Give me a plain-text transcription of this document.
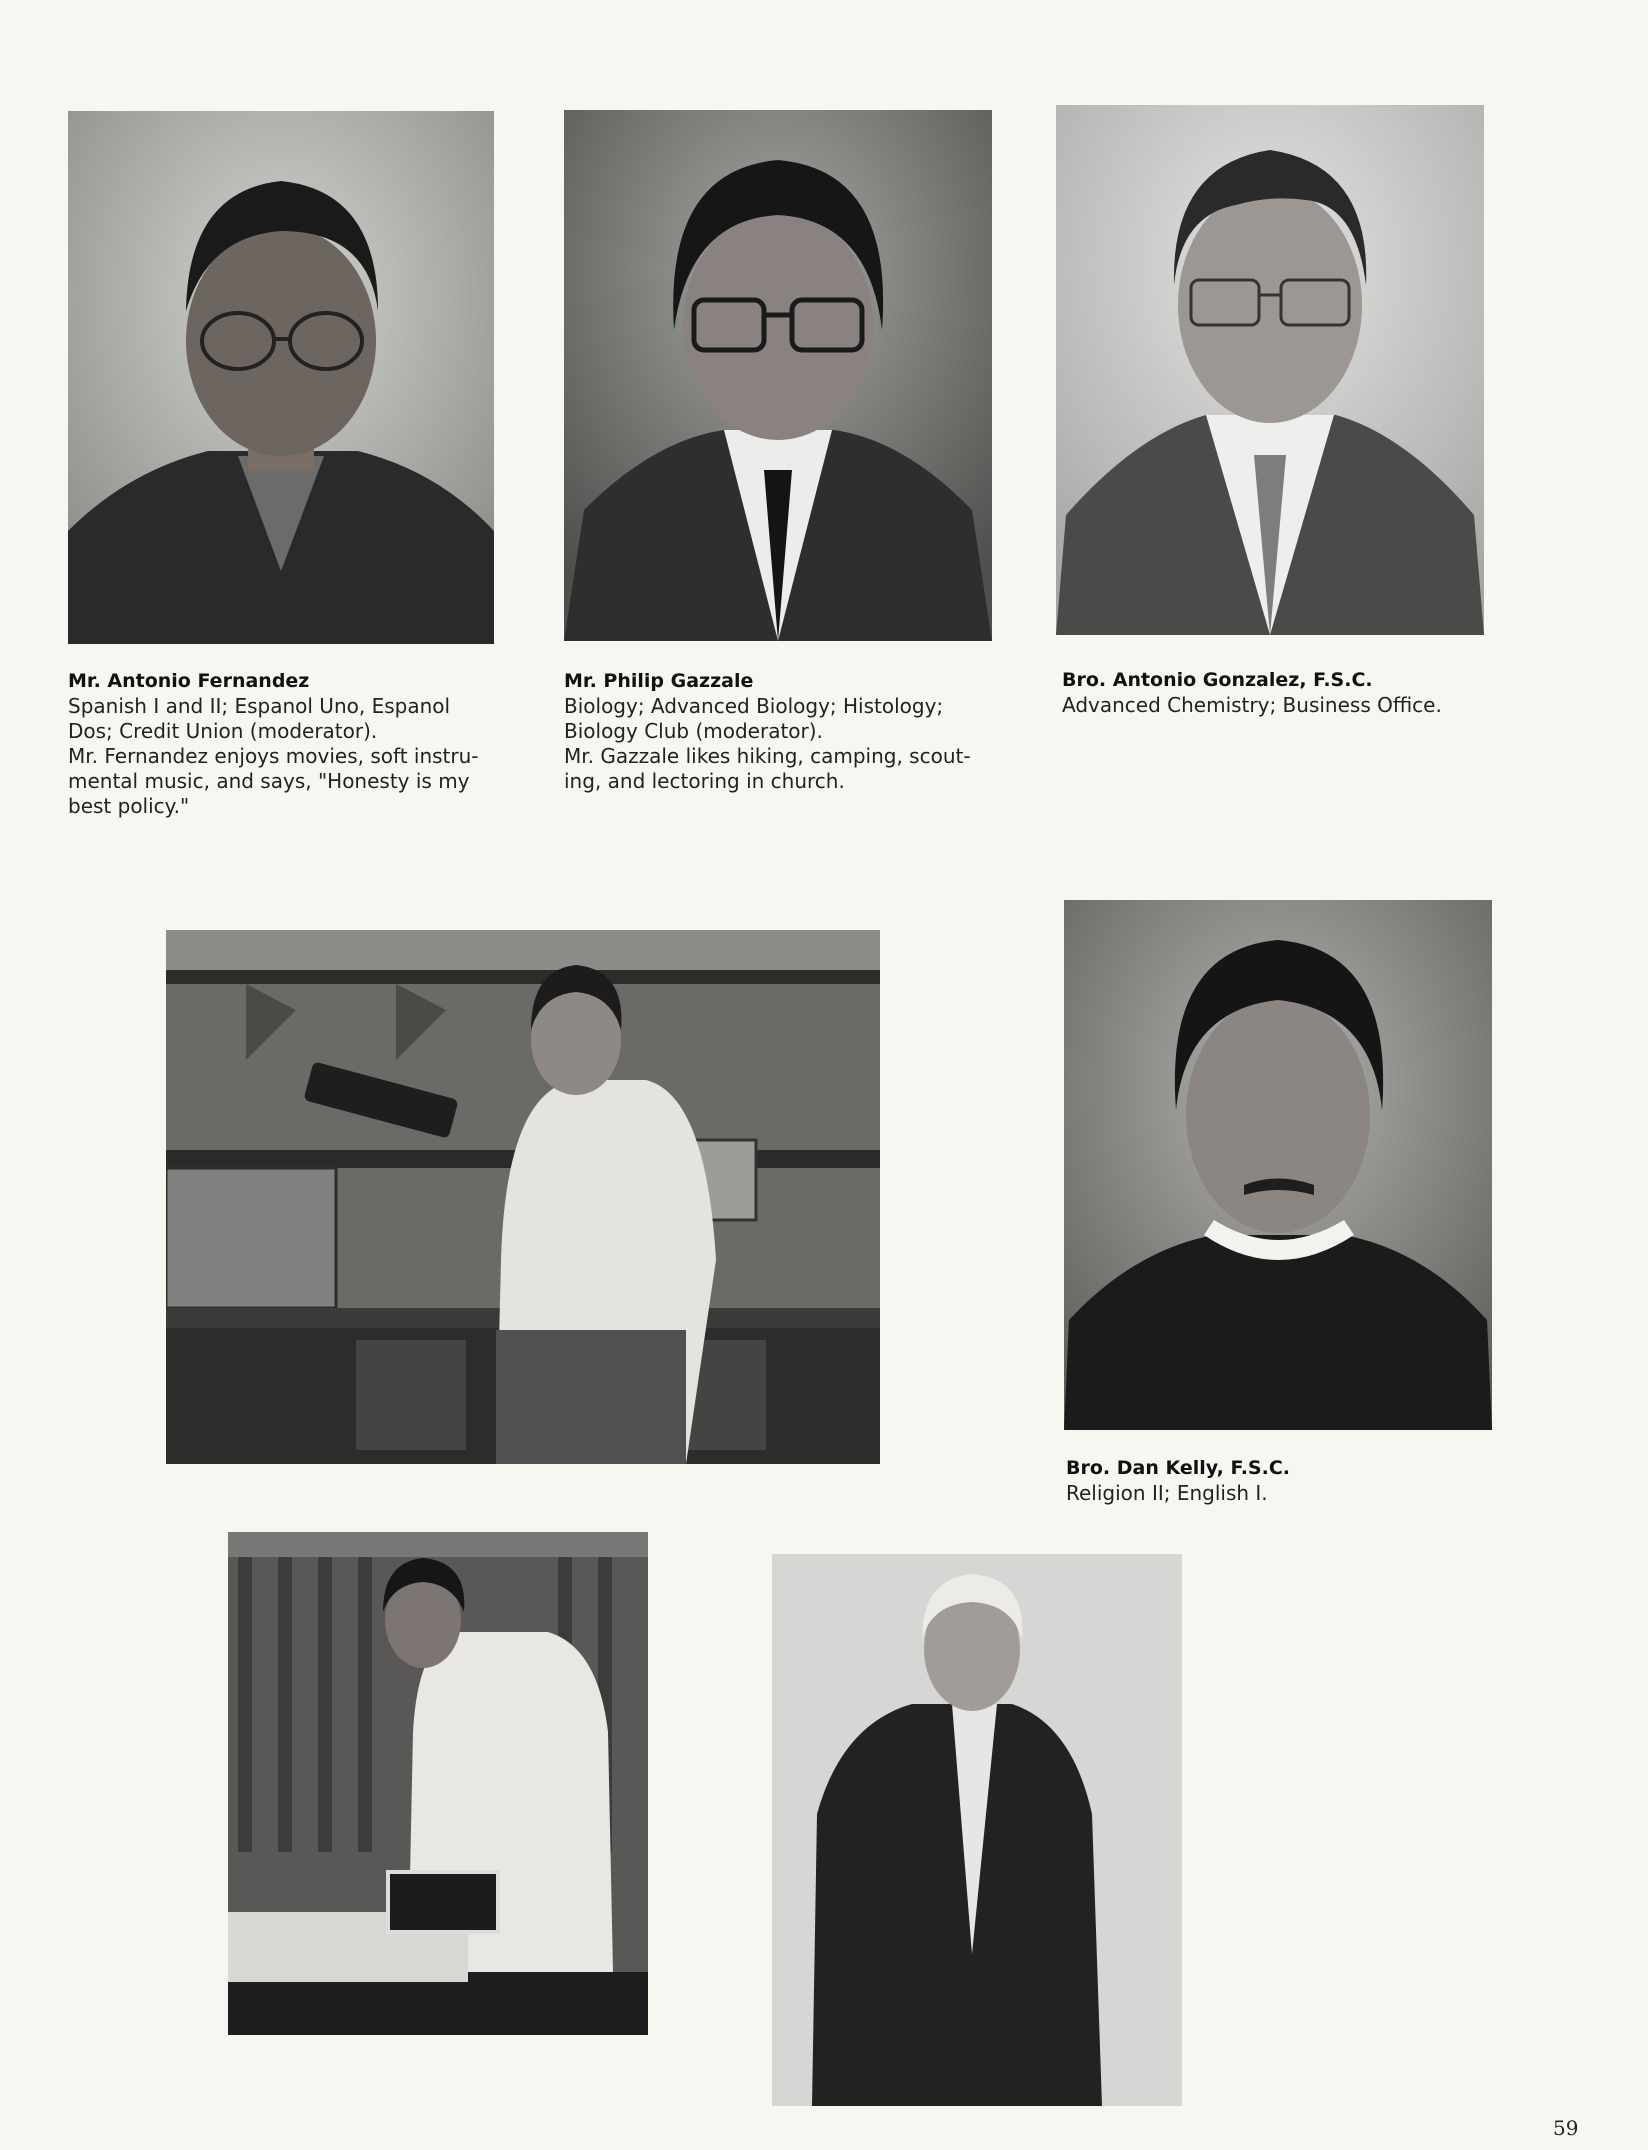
Mr. Antonio Fernandez
Spanish I and II; Espanol Uno, Espanol
Dos; Credit Union (moderator).
Mr. Fernandez enjoys movies, soft instru-
mental music, and says, "Honesty is my
best policy."
Mr. Philip Gazzale
Biology; Advanced Biology; Histology;
Biology Club (moderator).
Mr. Gazzale likes hiking, camping, scout-
ing, and lectoring in church.
Bro. Antonio Gonzalez, F.S.C.
Advanced Chemistry; Business Office.
Bro. Dan Kelly, F.S.C.
Religion II; English I.
59
